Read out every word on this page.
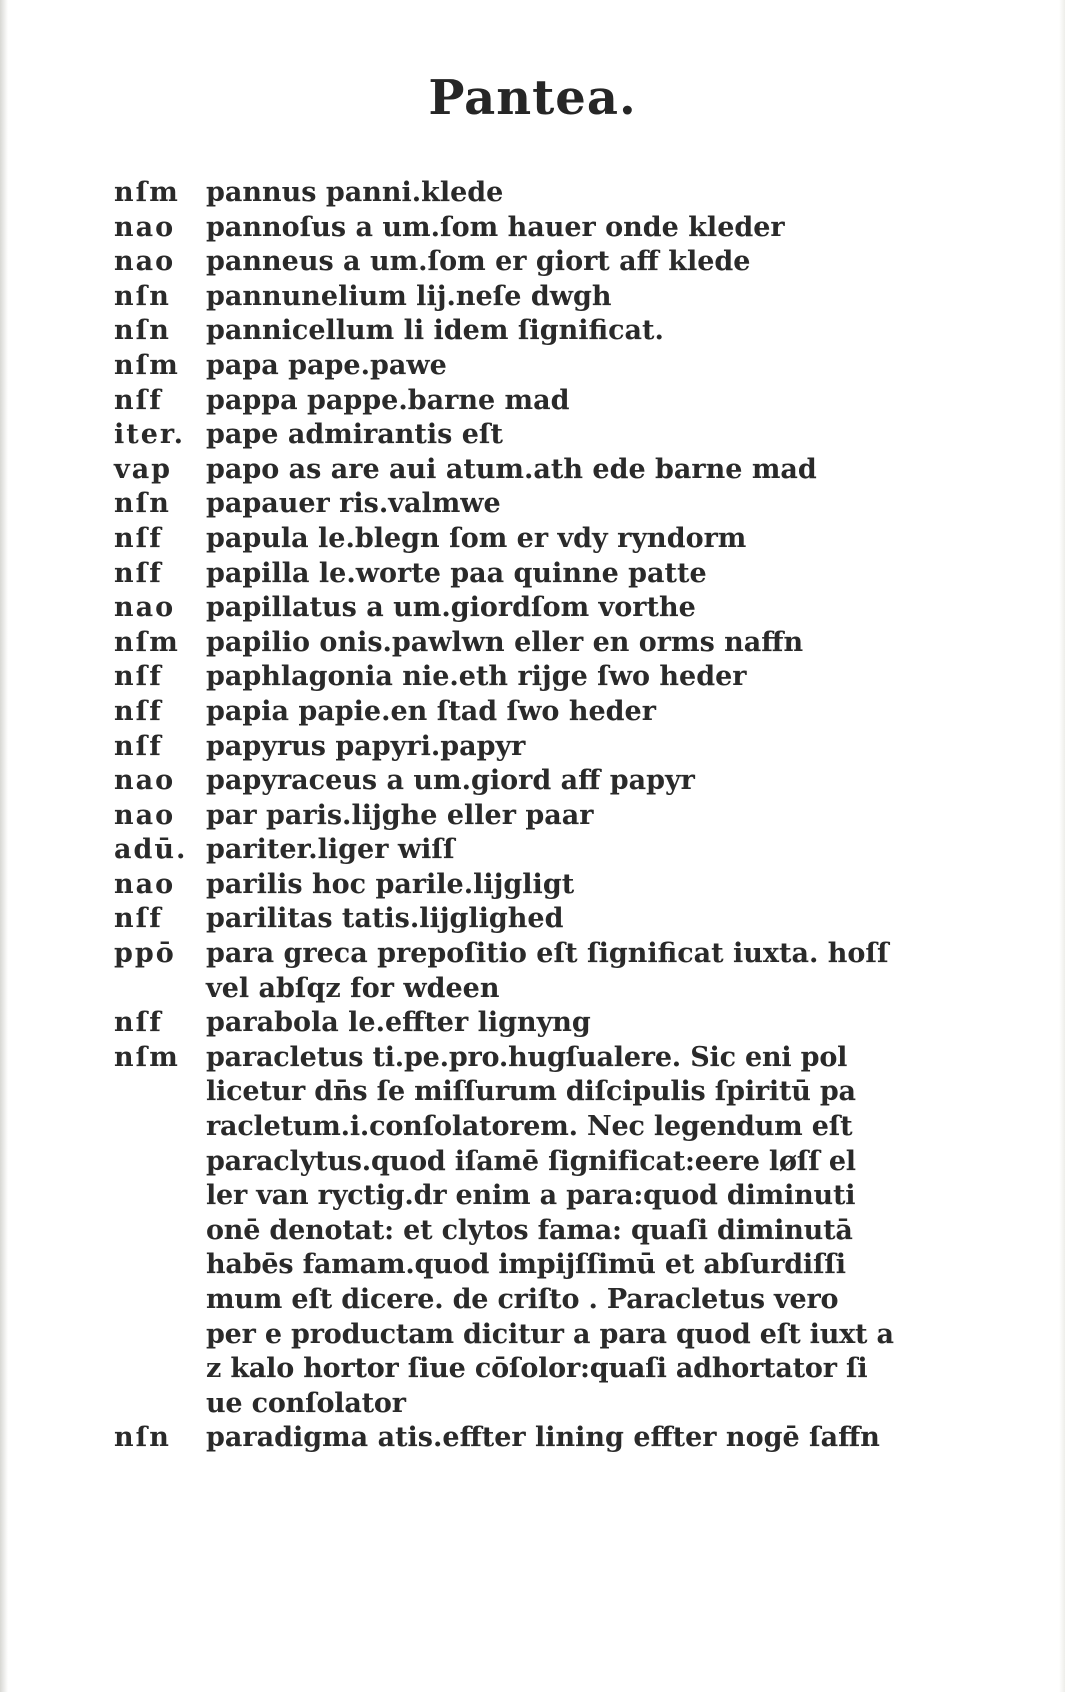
Pantea.
nſm pannus panni.klede
nao	pannoſus a um.ſom hauer onde kleder
nao	panneus a um.ſom er giort aff klede
nſn	pannunelium lij.neſe dwgh
nſn	pannicellum li idem ſignificat.
nſm papa pape.pawe
nſf	pappa pappe.barne mad
iter. pape admirantis eſt
vap	papo as are aui atum.ath ede barne mad
nſn	papauer ris.valmwe
nſf	papula le.blegn ſom er vdy ryndorm
nſf	papilla le.worte paa quinne patte
nao	papillatus a um.giordſom vorthe
nſm papilio onis.pawlwn eller en orms naffn
nſf	paphlagonia nie.eth rijge ſwo heder
nſf	papia papie.en ſtad ſwo heder
nſf	papyrus papyri.papyr
nao	papyraceus a um.giord aff papyr
nao	par paris.lijghe eller paar
adū. pariter.liger wiſſ
nao	parilis hoc parile.lijgligt
nſf	parilitas tatis.lijglighed
ppō	para greca prepoſitio eſt ſignificat iuxta. hoſſ
vel abſqz for wdeen
nſf	parabola le.effter lignyng
nſm paracletus ti.pe.pro.hugſualere. Sic eni pol
licetur dn̄s ſe miſſurum diſcipulis ſpiritū pa
racletum.i.conſolatorem. Nec legendum eſt
paraclytus.quod iſamē ſignificat:eere løſſ el
ler van ryctig.dr enim a para:quod diminuti
onē denotat: et clytos fama: quaſi diminutā
habēs famam.quod impijſſimū et abſurdiſſi
mum eſt dicere. de criſto . Paracletus vero
per e productam dicitur a para quod eſt iuxt a
z kalo hortor ſiue cōſolor:quaſi adhortator ſi
ue conſolator
nſn	paradigma atis.effter lining effter nogē ſaffn
